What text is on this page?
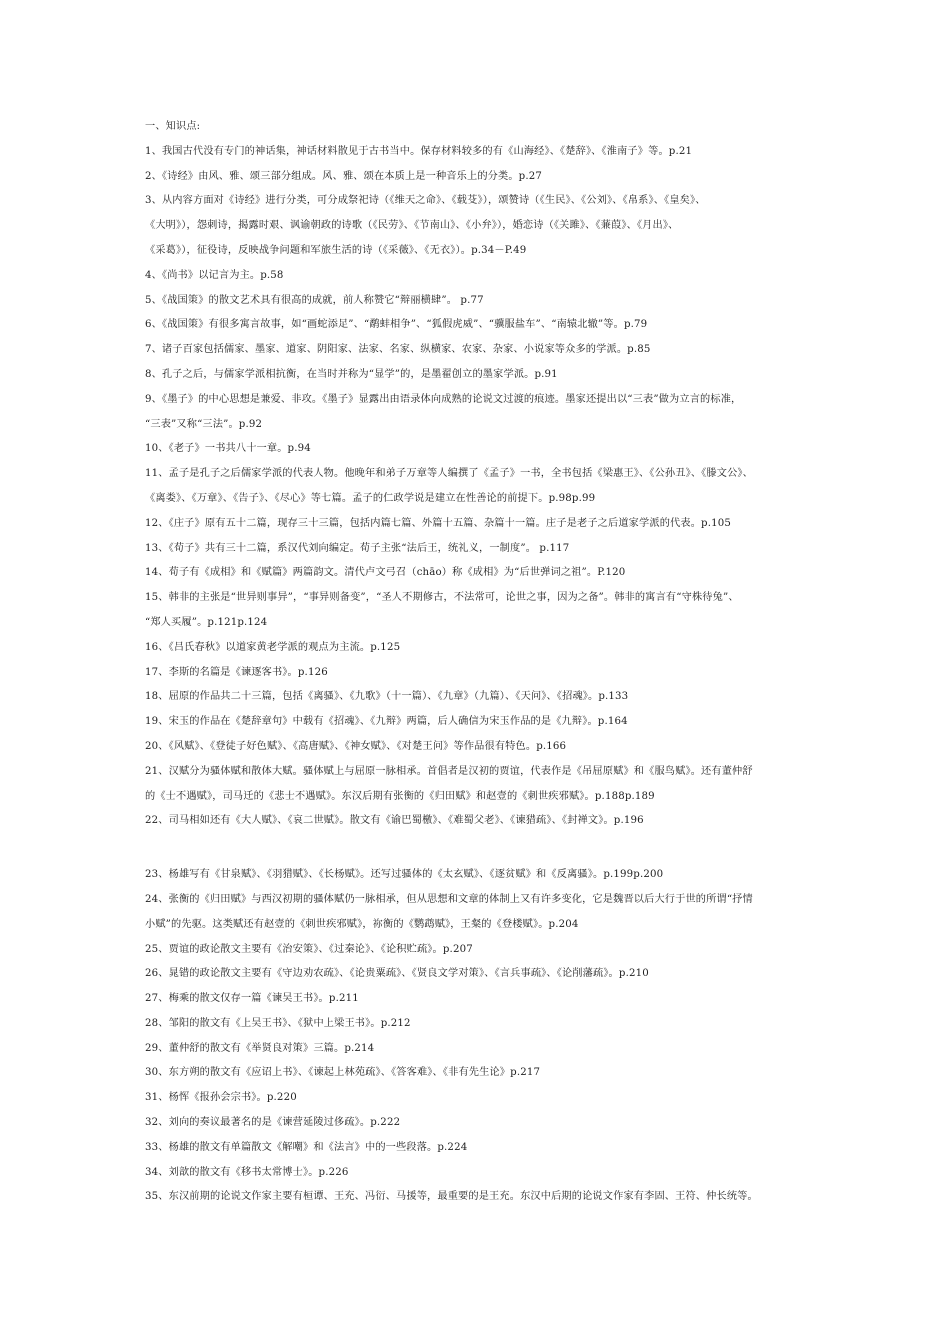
一、知识点:
1、我国古代没有专门的神话集，神话材料散见于古书当中。保存材料较多的有《山海经》、《楚辞》、《淮南子》等。p.21
2、《诗经》由风、雅、颂三部分组成。风、雅、颂在本质上是一种音乐上的分类。p.27
3、从内容方面对《诗经》进行分类，可分成祭祀诗（《维天之命》、《载芟》），颂赞诗（《生民》、《公刘》、《帛系》、《皇矣》、
《大明》），怨刺诗，揭露时艰、讽谕朝政的诗歌（《民劳》、《节南山》、《小弁》），婚恋诗（《关雎》、《蒹葭》、《月出》、
《采葛》），征役诗，反映战争问题和军旅生活的诗（《采薇》、《无衣》）。p.34－P.49
4、《尚书》以记言为主。p.58
5、《战国策》的散文艺术具有很高的成就，前人称赞它“辩丽横肆”。 p.77
6、《战国策》有很多寓言故事，如“画蛇添足”、“鹬蚌相争”、“狐假虎威”、“骥服盐车”、“南辕北辙”等。p.79
7、诸子百家包括儒家、墨家、道家、阴阳家、法家、名家、纵横家、农家、杂家、小说家等众多的学派。p.85
8、孔子之后，与儒家学派相抗衡，在当时并称为“显学”的，是墨翟创立的墨家学派。p.91
9、《墨子》的中心思想是兼爱、非攻。《墨子》显露出由语录体向成熟的论说文过渡的痕迹。墨家还提出以“三表”做为立言的标准，
“三表”又称“三法”。p.92
10、《老子》一书共八十一章。p.94
11、孟子是孔子之后儒家学派的代表人物。他晚年和弟子万章等人编撰了《孟子》一书，全书包括《梁惠王》、《公孙丑》、《滕文公》、
《离娄》、《万章》、《告子》、《尽心》等七篇。孟子的仁政学说是建立在性善论的前提下。p.98p.99
12、《庄子》原有五十二篇，现存三十三篇，包括内篇七篇、外篇十五篇、杂篇十一篇。庄子是老子之后道家学派的代表。p.105
13、《荀子》共有三十二篇，系汉代刘向编定。荀子主张“法后王，统礼义，一制度”。 p.117
14、荀子有《成相》和《赋篇》两篇韵文。清代卢文弓召（chāo）称《成相》为“后世弹词之祖”。P.120
15、韩非的主张是“世异则事异”，“事异则备变”，“圣人不期修古，不法常可，论世之事，因为之备”。韩非的寓言有“守株待兔”、
“郑人买履”。p.121p.124
16、《吕氏春秋》以道家黄老学派的观点为主流。p.125
17、李斯的名篇是《谏逐客书》。p.126
18、屈原的作品共二十三篇，包括《离骚》、《九歌》（十一篇）、《九章》（九篇）、《天问》、《招魂》。p.133
19、宋玉的作品在《楚辞章句》中载有《招魂》、《九辩》两篇，后人确信为宋玉作品的是《九辩》。p.164
20、《风赋》、《登徒子好色赋》、《高唐赋》、《神女赋》、《对楚王问》等作品很有特色。p.166
21、汉赋分为骚体赋和散体大赋。骚体赋上与屈原一脉相承。首倡者是汉初的贾谊，代表作是《吊屈原赋》和《服鸟赋》。还有董仲舒
的《士不遇赋》，司马迁的《悲士不遇赋》。东汉后期有张衡的《归田赋》和赵壹的《刺世疾邪赋》。p.188p.189
22、司马相如还有《大人赋》、《哀二世赋》。散文有《谕巴蜀檄》、《难蜀父老》、《谏猎疏》、《封禅文》。p.196
23、杨雄写有《甘泉赋》、《羽猎赋》、《长杨赋》。还写过骚体的《太玄赋》、《逐贫赋》和《反离骚》。p.199p.200
24、张衡的《归田赋》与西汉初期的骚体赋仍一脉相承，但从思想和文章的体制上又有许多变化，它是魏晋以后大行于世的所谓“抒情
小赋”的先驱。这类赋还有赵壹的《刺世疾邪赋》，祢衡的《鹦鹉赋》，王粲的《登楼赋》。p.204
25、贾谊的政论散文主要有《治安策》、《过秦论》、《论积贮疏》。p.207
26、晁错的政论散文主要有《守边劝农疏》、《论贵粟疏》、《贤良文学对策》、《言兵事疏》、《论削藩疏》。p.210
27、梅乘的散文仅存一篇《谏吴王书》。p.211
28、邹阳的散文有《上吴王书》、《狱中上梁王书》。p.212
29、董仲舒的散文有《举贤良对策》三篇。p.214
30、东方朔的散文有《应诏上书》、《谏起上林苑疏》、《答客难》、《非有先生论》p.217
31、杨恽《报孙会宗书》。p.220
32、刘向的奏议最著名的是《谏营延陵过侈疏》。p.222
33、杨雄的散文有单篇散文《解嘲》和《法言》中的一些段落。p.224
34、刘歆的散文有《移书太常博士》。p.226
35、东汉前期的论说文作家主要有桓谭、王充、冯衍、马援等，最重要的是王充。东汉中后期的论说文作家有李固、王符、仲长统等。
